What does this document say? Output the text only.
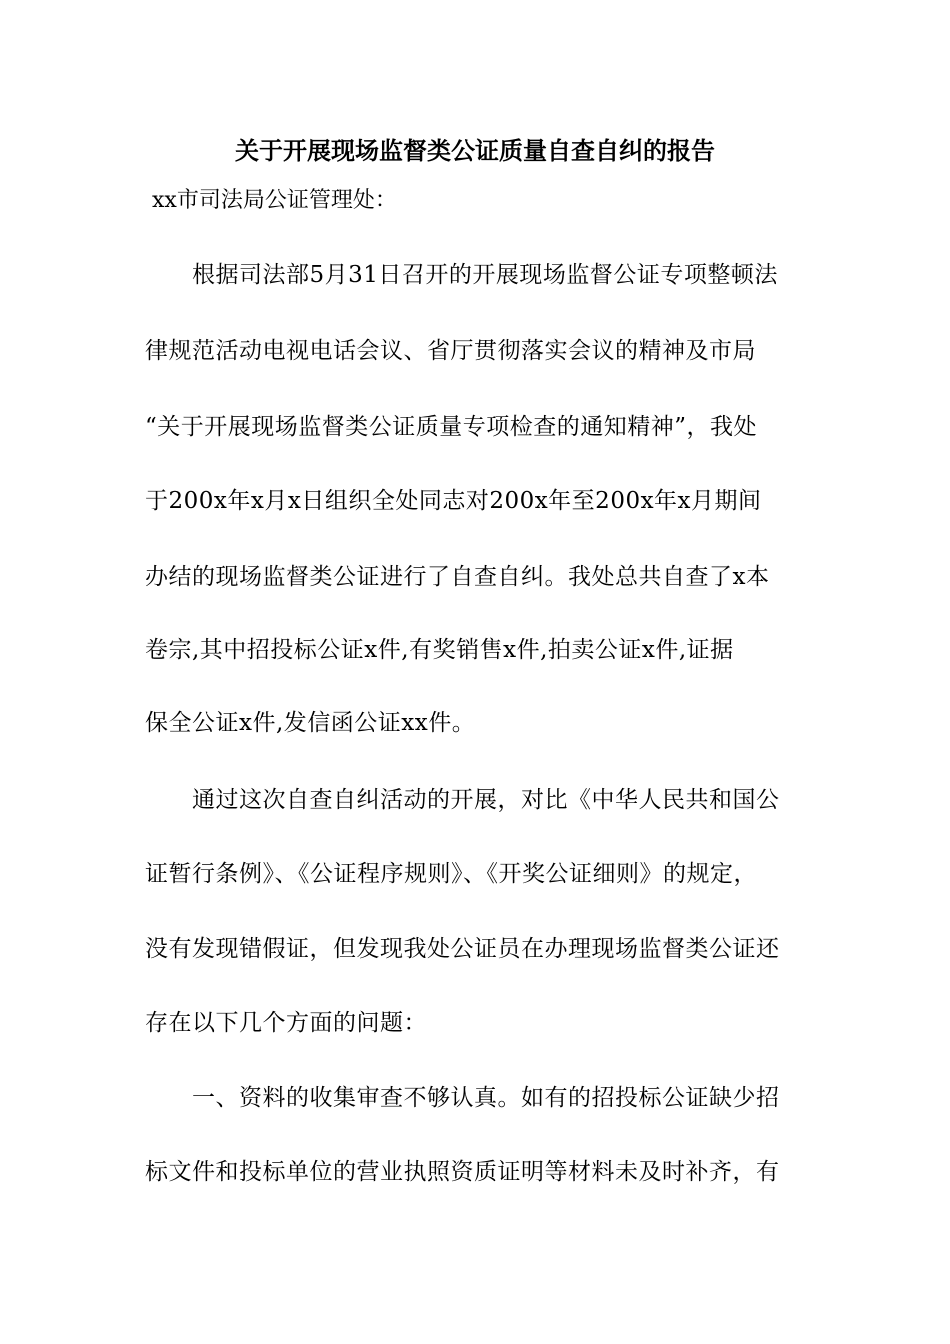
关于开展现场监督类公证质量自查自纠的报告
xx市司法局公证管理处：
根据司法部5月31日召开的开展现场监督公证专项整顿法
律规范活动电视电话会议、省厅贯彻落实会议的精神及市局
“关于开展现场监督类公证质量专项检查的通知精神”，我处
于200x年x月x日组织全处同志对200x年至200x年x月期间
办结的现场监督类公证进行了自查自纠。我处总共自查了x本
卷宗,其中招投标公证x件,有奖销售x件,拍卖公证x件,证据
保全公证x件,发信函公证xx件。
通过这次自查自纠活动的开展，对比《中华人民共和国公
证暂行条例》、《公证程序规则》、《开奖公证细则》的规定，
没有发现错假证，但发现我处公证员在办理现场监督类公证还
存在以下几个方面的问题：
一、资料的收集审查不够认真。如有的招投标公证缺少招
标文件和投标单位的营业执照资质证明等材料未及时补齐，有
